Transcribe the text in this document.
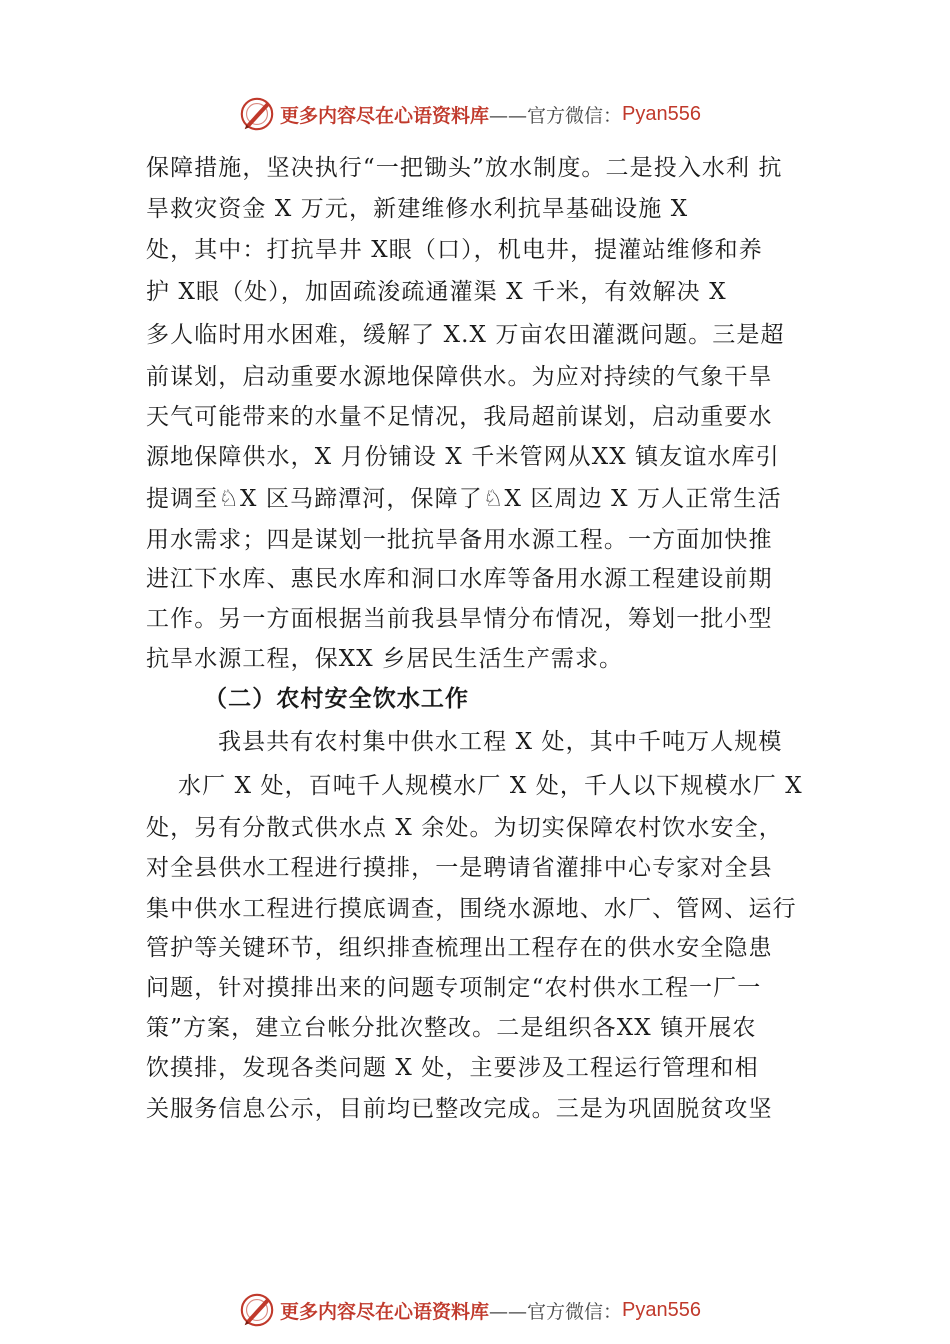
更多内容尽在心语资料库 ——官方微信： Pyan556
保障措施，坚决执行“一把锄头”放水制度。二是投入水利 抗
旱救灾资金 X 万元，新建维修水利抗旱基础设施 X
处，其中：打抗旱井 X眼（口），机电井，提灌站维修和养
护 X眼（处），加固疏浚疏通灌渠 X 千米，有效解决 X
多人临时用水困难，缓解了 X.X 万亩农田灌溉问题。三是超
前谋划，启动重要水源地保障供水。为应对持续的气象干旱
天气可能带来的水量不足情况，我局超前谋划，启动重要水
源地保障供水，X 月份铺设 X 千米管网从XX 镇友谊水库引
提调至♘X 区马蹄潭河，保障了♘X 区周边 X 万人正常生活
用水需求；四是谋划一批抗旱备用水源工程。一方面加快推
进江下水库、惠民水库和洞口水库等备用水源工程建设前期
工作。另一方面根据当前我县旱情分布情况，筹划一批小型
抗旱水源工程，保XX 乡居民生活生产需求。
（二）农村安全饮水工作
我县共有农村集中供水工程 X 处，其中千吨万人规模
水厂 X 处，百吨千人规模水厂 X 处，千人以下规模水厂 X
处，另有分散式供水点 X 余处。为切实保障农村饮水安全，
对全县供水工程进行摸排，一是聘请省灌排中心专家对全县
集中供水工程进行摸底调查，围绕水源地、水厂、管网、运行
管护等关键环节，组织排查梳理出工程存在的供水安全隐患
问题，针对摸排出来的问题专项制定“农村供水工程一厂一
策”方案，建立台帐分批次整改。二是组织各XX 镇开展农
饮摸排，发现各类问题 X 处，主要涉及工程运行管理和相
关服务信息公示，目前均已整改完成。三是为巩固脱贫攻坚
更多内容尽在心语资料库 ——官方微信： Pyan556
